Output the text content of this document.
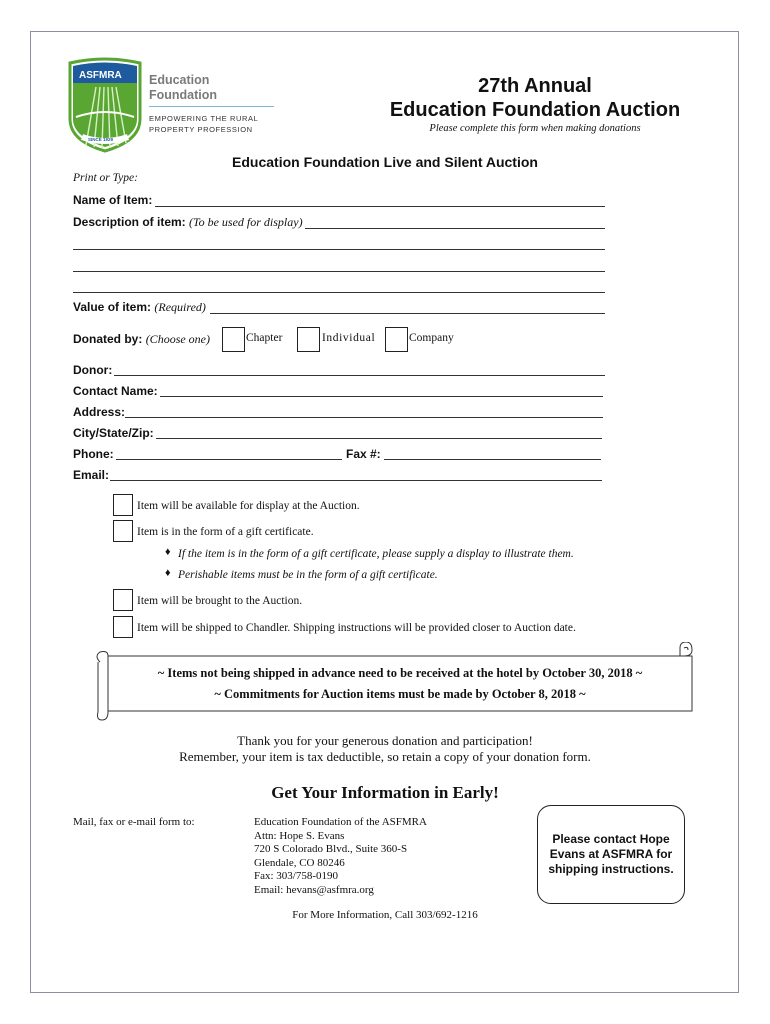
ASFMRA
SINCE 1929
Education
Foundation
EMPOWERING THE RURAL
PROPERTY PROFESSION
27th Annual
Education Foundation Auction
Please complete this form when making donations
Education Foundation Live and Silent Auction
Print or Type:
Name of Item:
Description of item: (To be used for display)
Value of item: (Required)
Donated by: (Choose one)	Chapter	Individual	Company
Donor:
Contact Name:
Address:
City/State/Zip:
Phone:	Fax #:
Email:
Item will be available for display at the Auction.
Item is in the form of a gift certificate.
♦ If the item is in the form of a gift certificate, please supply a display to illustrate them.
♦ Perishable items must be in the form of a gift certificate.
Item will be brought to the Auction.
Item will be shipped to Chandler. Shipping instructions will be provided closer to Auction date.
~ Items not being shipped in advance need to be received at the hotel by October 30, 2018 ~
~ Commitments for Auction items must be made by October 8, 2018 ~
Thank you for your generous donation and participation!
Remember, your item is tax deductible, so retain a copy of your donation form.
Get Your Information in Early!
Mail, fax or e-mail form to:	Education Foundation of the ASFMRA
Attn: Hope S. Evans
720 S Colorado Blvd., Suite 360-S
Glendale, CO 80246
Fax: 303/758-0190
Email: hevans@asfmra.org
Please contact Hope Evans at ASFMRA for shipping instructions.
For More Information, Call 303/692-1216
